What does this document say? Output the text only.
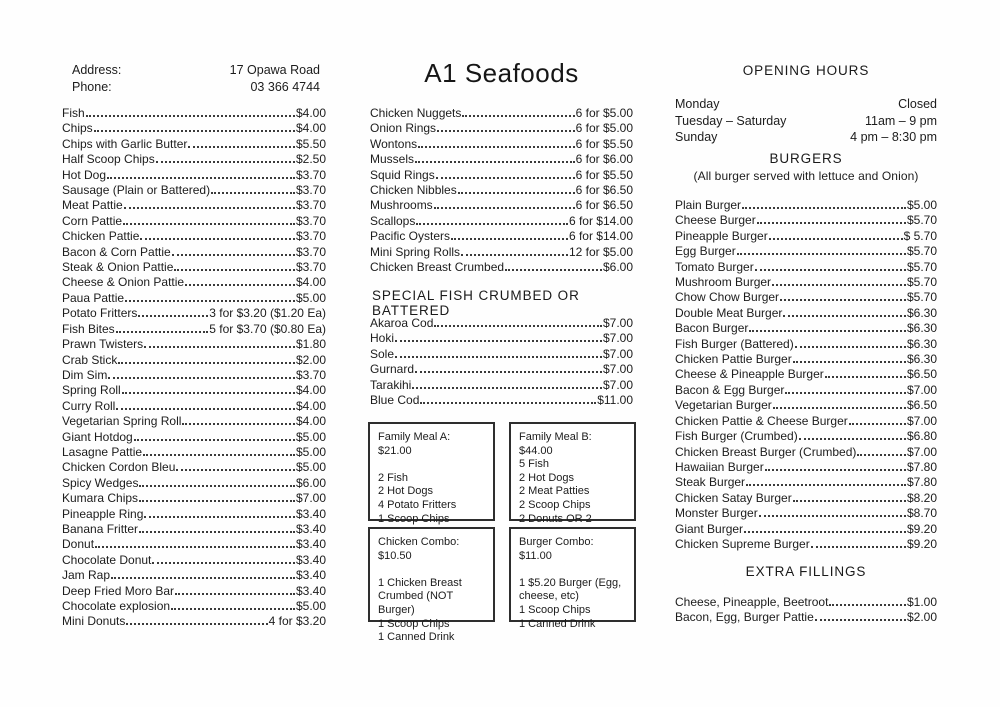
Address:	17 Opawa Road
Phone:	03 366 4744	A1 Seafoods
Fish	$4.00
Chips	$4.00
Chips with Garlic Butter	$5.50
Half Scoop Chips	$2.50
Hot Dog	$3.70
Sausage (Plain or Battered)	$3.70
Meat Pattie	$3.70
Corn Pattie	$3.70
Chicken Pattie	$3.70
Bacon & Corn Pattie	$3.70
Steak & Onion Pattie	$3.70
Cheese & Onion Pattie	$4.00
Paua Pattie	$5.00
Potato Fritters	3 for $3.20 ($1.20 Ea)
Fish Bites	5 for $3.70 ($0.80 Ea)
Prawn Twisters	$1.80
Crab Stick	$2.00
Dim Sim	$3.70
Spring Roll	$4.00
Curry Roll	$4.00
Vegetarian Spring Roll	$4.00
Giant Hotdog	$5.00
Lasagne Pattie	$5.00
Chicken Cordon Bleu	$5.00
Spicy Wedges	$6.00
Kumara Chips	$7.00
Pineapple Ring	$3.40
Banana Fritter	$3.40
Donut	$3.40
Chocolate Donut	$3.40
Jam Rap	$3.40
Deep Fried Moro Bar	$3.40
Chocolate explosion	$5.00
Mini Donuts	4 for $3.20
Chicken Nuggets	6 for $5.00
Onion Rings	6 for $5.00
Wontons	6 for $5.50
Mussels	6 for $6.00
Squid Rings	6 for $5.50
Chicken Nibbles	6 for $6.50
Mushrooms	6 for $6.50
Scallops	6 for $14.00
Pacific Oysters	6 for $14.00
Mini Spring Rolls	12 for $5.00
Chicken Breast Crumbed	$6.00
SPECIAL FISH CRUMBED OR BATTERED
Akaroa Cod	$7.00
Hoki	$7.00
Sole	$7.00
Gurnard	$7.00
Tarakihi	$7.00
Blue Cod	$11.00
Family Meal A: $21.00
2 Fish
2 Hot Dogs
4 Potato Fritters
1 Scoop Chips
Family Meal B: $44.00
5 Fish
2 Hot Dogs
2 Meat Patties
2 Scoop Chips
2 Donuts OR 2
Chicken Combo:
$10.50
1 Chicken Breast
Crumbed (NOT Burger)
1 Scoop Chips
1 Canned Drink
Burger Combo: $11.00
1 $5.20 Burger (Egg,
cheese, etc)
1 Scoop Chips
1 Canned Drink
OPENING HOURS
Monday	Closed
Tuesday – Saturday	11am – 9 pm
Sunday	4 pm – 8:30 pm
BURGERS
(All burger served with lettuce and Onion)
Plain Burger	$5.00
Cheese Burger	$5.70
Pineapple Burger	$ 5.70
Egg Burger	$5.70
Tomato Burger	$5.70
Mushroom Burger	$5.70
Chow Chow Burger	$5.70
Double Meat Burger	$6.30
Bacon Burger	$6.30
Fish Burger (Battered)	$6.30
Chicken Pattie Burger	$6.30
Cheese & Pineapple Burger	$6.50
Bacon & Egg Burger	$7.00
Vegetarian Burger	$6.50
Chicken Pattie & Cheese Burger	$7.00
Fish Burger (Crumbed)	$6.80
Chicken Breast Burger (Crumbed)	$7.00
Hawaiian Burger	$7.80
Steak Burger	$7.80
Chicken Satay Burger	$8.20
Monster Burger	$8.70
Giant Burger	$9.20
Chicken Supreme Burger	$9.20
EXTRA FILLINGS
Cheese, Pineapple, Beetroot	$1.00
Bacon, Egg, Burger Pattie	$2.00
